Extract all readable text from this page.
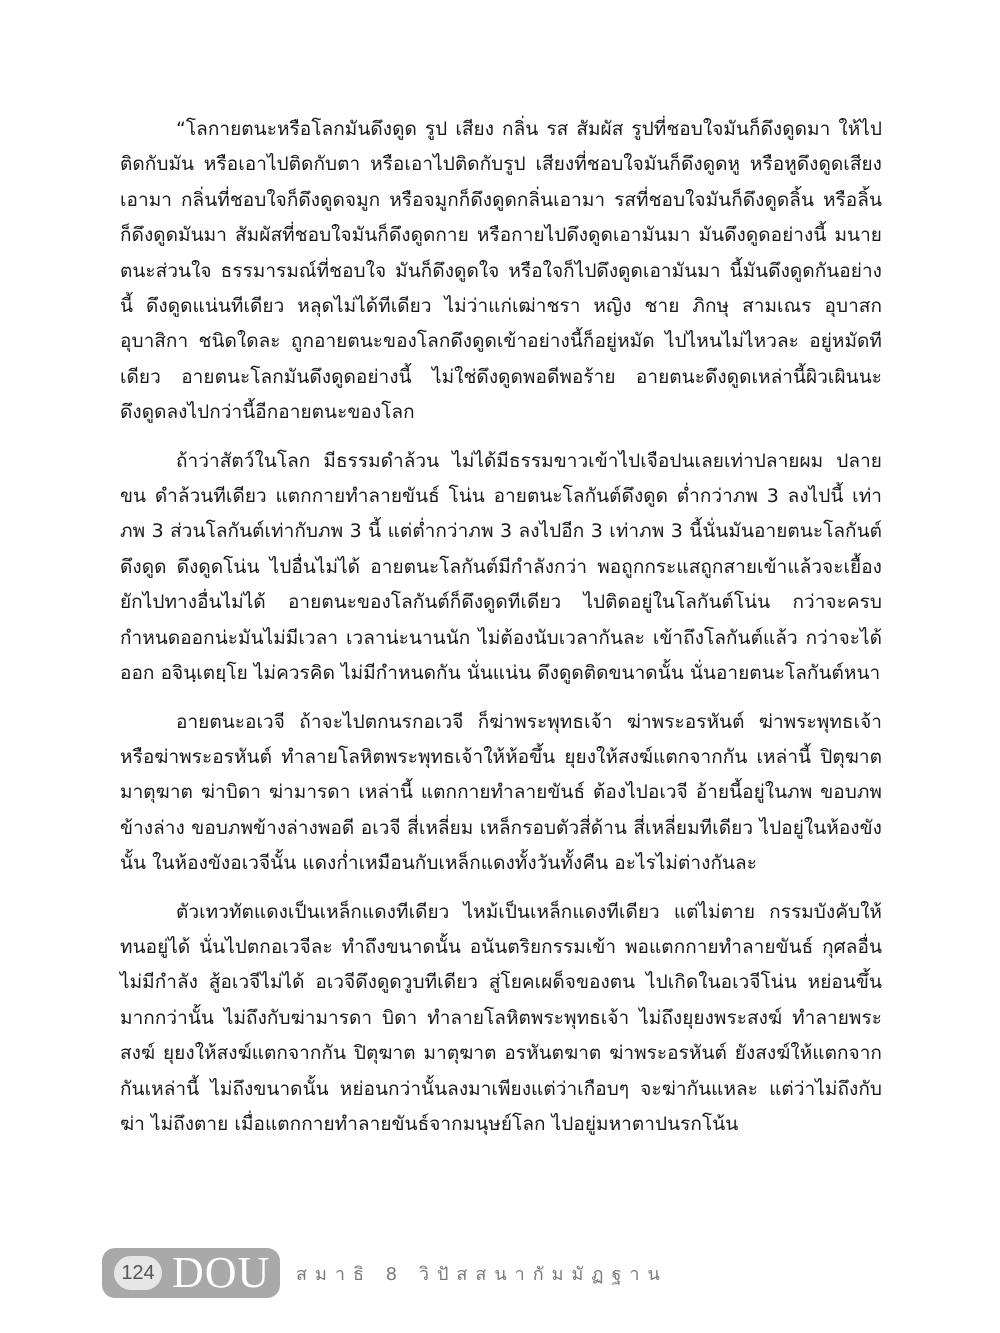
“โลกายตนะหรือโลกมันดึงดูด รูป เสียง กลิ่น รส สัมผัส รูปที่ชอบใจมันก็ดึงดูดมา ให้ไปติดกับมัน หรือเอาไปติดกับตา หรือเอาไปติดกับรูป เสียงที่ชอบใจมันก็ดึงดูดหู หรือหูดึงดูดเสียงเอามา กลิ่นที่ชอบใจก็ดึงดูดจมูก หรือจมูกก็ดึงดูดกลิ่นเอามา รสที่ชอบใจมันก็ดึงดูดลิ้น หรือลิ้นก็ดึงดูดมันมา สัมผัสที่ชอบใจมันก็ดึงดูดกาย หรือกายไปดึงดูดเอามันมา มันดึงดูดอย่างนี้ มนายตนะส่วนใจ ธรรมารมณ์ที่ชอบใจ มันก็ดึงดูดใจ หรือใจก็ไปดึงดูดเอามันมา นี้มันดึงดูดกันอย่างนี้ ดึงดูดแน่นทีเดียว หลุดไม่ได้ทีเดียว ไม่ว่าแก่เฒ่าชรา หญิง ชาย ภิกษุ สามเณร อุบาสก อุบาสิกา ชนิดใดละ ถูกอายตนะของโลกดึงดูดเข้าอย่างนี้ก็อยู่หมัด ไปไหนไม่ไหวละ อยู่หมัดทีเดียว อายตนะโลกมันดึงดูดอย่างนี้ ไม่ใช่ดึงดูดพอดีพอร้าย อายตนะดึงดูดเหล่านี้ผิวเผินนะ ดึงดูดลงไปกว่านี้อีกอายตนะของโลก

ถ้าว่าสัตว์ในโลก มีธรรมดำล้วน ไม่ได้มีธรรมขาวเข้าไปเจือปนเลยเท่าปลายผม ปลายขน ดำล้วนทีเดียว แตกกายทำลายขันธ์ โน่น อายตนะโลกันต์ดึงดูด ต่ำกว่าภพ 3 ลงไปนี้ เท่าภพ 3 ส่วนโลกันต์เท่ากับภพ 3 นี้ แต่ต่ำกว่าภพ 3 ลงไปอีก 3 เท่าภพ 3 นี้นั่นมันอายตนะโลกันต์ดึงดูด ดึงดูดโน่น ไปอื่นไม่ได้ อายตนะโลกันต์มีกำลังกว่า พอถูกกระแสถูกสายเข้าแล้วจะเยื้องยักไปทางอื่นไม่ได้ อายตนะของโลกันต์ก็ดึงดูดทีเดียว ไปติดอยู่ในโลกันต์โน่น กว่าจะครบกำหนดออกน่ะมันไม่มีเวลา เวลาน่ะนานนัก ไม่ต้องนับเวลากันละ เข้าถึงโลกันต์แล้ว กว่าจะได้ออก อจินฺเตยฺโย ไม่ควรคิด ไม่มีกำหนดกัน นั่นแน่น ดึงดูดติดขนาดนั้น นั่นอายตนะโลกันต์หนา

อายตนะอเวจี ถ้าจะไปตกนรกอเวจี ก็ฆ่าพระพุทธเจ้า ฆ่าพระอรหันต์ ฆ่าพระพุทธเจ้า หรือฆ่าพระอรหันต์ ทำลายโลหิตพระพุทธเจ้าให้ห้อขึ้น ยุยงให้สงฆ์แตกจากกัน เหล่านี้ ปิตุฆาต มาตุฆาต ฆ่าบิดา ฆ่ามารดา เหล่านี้ แตกกายทำลายขันธ์ ต้องไปอเวจี อ้ายนี้อยู่ในภพ ขอบภพข้างล่าง ขอบภพข้างล่างพอดี อเวจี สี่เหลี่ยม เหล็กรอบตัวสี่ด้าน สี่เหลี่ยมทีเดียว ไปอยู่ในห้องขังนั้น ในห้องขังอเวจีนั้น แดงก่ำเหมือนกับเหล็กแดงทั้งวันทั้งคืน อะไรไม่ต่างกันละ

ตัวเทวทัตแดงเป็นเหล็กแดงทีเดียว ไหม้เป็นเหล็กแดงทีเดียว แต่ไม่ตาย กรรมบังคับให้ทนอยู่ได้ นั่นไปตกอเวจีละ ทำถึงขนาดนั้น อนันตริยกรรมเข้า พอแตกกายทำลายขันธ์ กุศลอื่นไม่มีกำลัง สู้อเวจีไม่ได้ อเวจีดึงดูดวูบทีเดียว สู่โยคเผด็จของตน ไปเกิดในอเวจีโน่น หย่อนขึ้นมากกว่านั้น ไม่ถึงกับฆ่ามารดา บิดา ทำลายโลหิตพระพุทธเจ้า ไม่ถึงยุยงพระสงฆ์ ทำลายพระสงฆ์ ยุยงให้สงฆ์แตกจากกัน ปิตุฆาต มาตุฆาต อรหันตฆาต ฆ่าพระอรหันต์ ยังสงฆ์ให้แตกจากกันเหล่านี้ ไม่ถึงขนาดนั้น หย่อนกว่านั้นลงมาเพียงแต่ว่าเกือบๆ จะฆ่ากันแหละ แต่ว่าไม่ถึงกับฆ่า ไม่ถึงตาย เมื่อแตกกายทำลายขันธ์จากมนุษย์โลก ไปอยู่มหาตาปนรกโน้น

124 DOU สมาธิ 8 วิปัสสนากัมมัฏฐาน
